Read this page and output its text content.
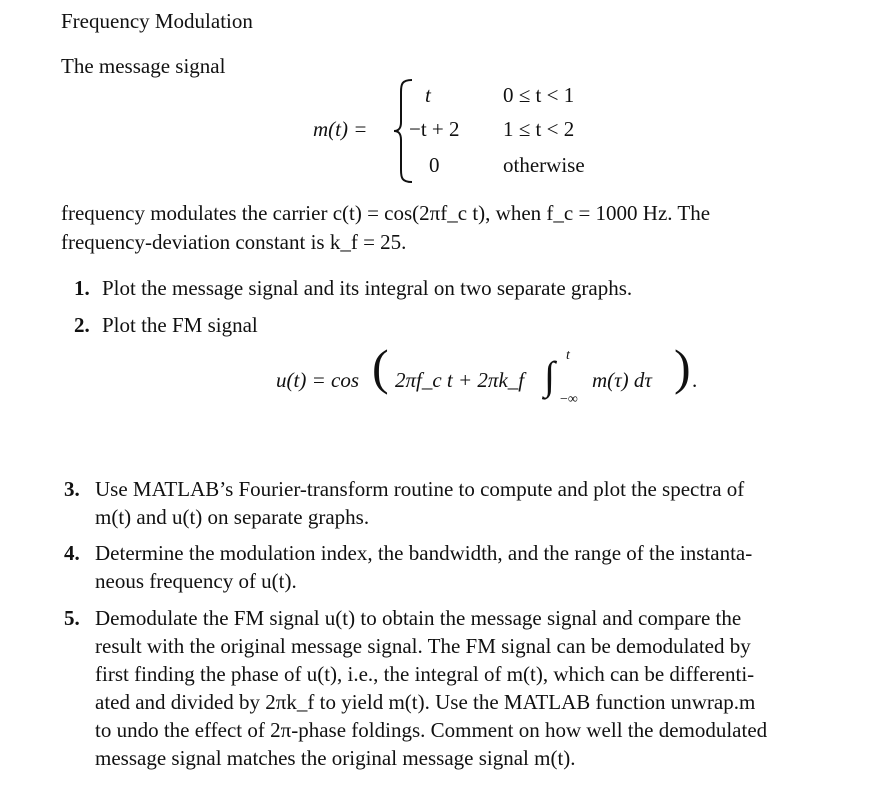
Frequency Modulation
The message signal
m(t) =
t	0 ≤ t < 1
−t + 2 1 ≤ t < 2
0	otherwise
frequency modulates the carrier c(t) = cos(2πf_c t), when f_c = 1000 Hz. The
frequency-deviation constant is k_f = 25.
1. Plot the message signal and its integral on two separate graphs.
2. Plot the FM signal
u(t) = cos ( 2πf_c t + 2πk_f ∫ t
−∞
m(τ) dτ ) .
3. Use MATLAB’s Fourier-transform routine to compute and plot the spectra of
m(t) and u(t) on separate graphs.
4. Determine the modulation index, the bandwidth, and the range of the instanta-
neous frequency of u(t).
5. Demodulate the FM signal u(t) to obtain the message signal and compare the
result with the original message signal. The FM signal can be demodulated by
first finding the phase of u(t), i.e., the integral of m(t), which can be differenti-
ated and divided by 2πk_f to yield m(t). Use the MATLAB function unwrap.m
to undo the effect of 2π-phase foldings. Comment on how well the demodulated
message signal matches the original message signal m(t).
